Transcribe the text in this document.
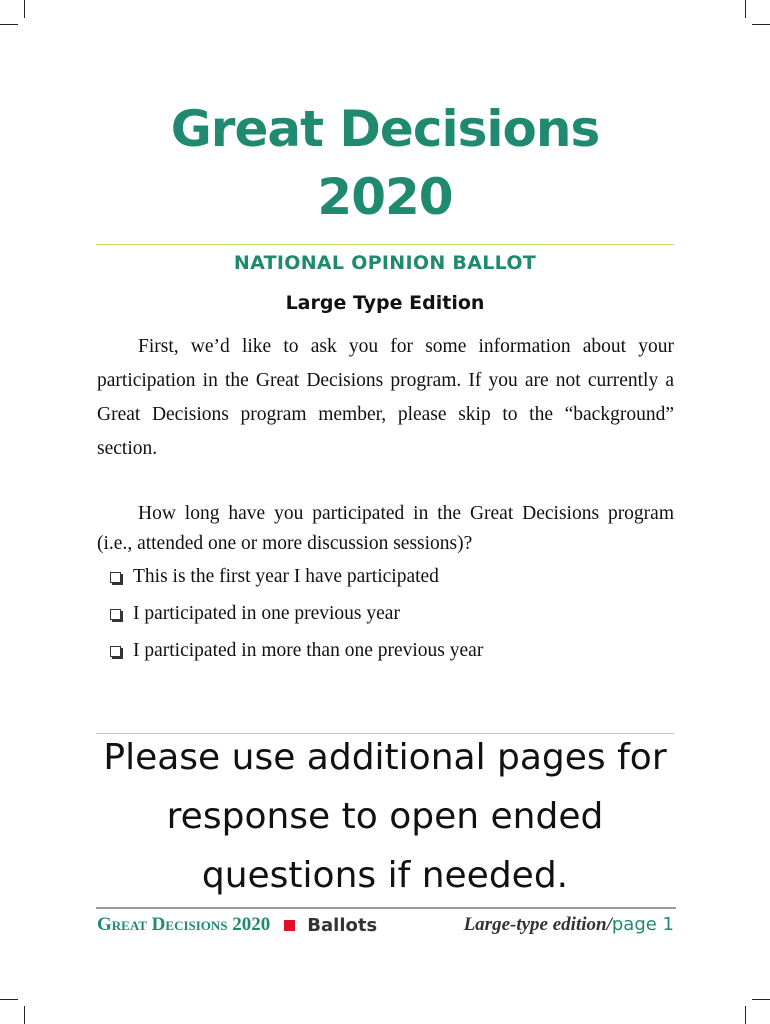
Great Decisions
2020
NATIONAL OPINION BALLOT
Large Type Edition

First, we’d like to ask you for some information about your participation in the Great Decisions program. If you are not currently a Great Decisions program member, please skip to the “background” section.

How long have you participated in the Great Decisions program (i.e., attended one or more discussion sessions)?

This is the first year I have participated
I participated in one previous year
I participated in more than one previous year
Please use additional pages for
response to open ended
questions if needed.
Great Decisions 2020 Ballots	Large-type edition/page 1
